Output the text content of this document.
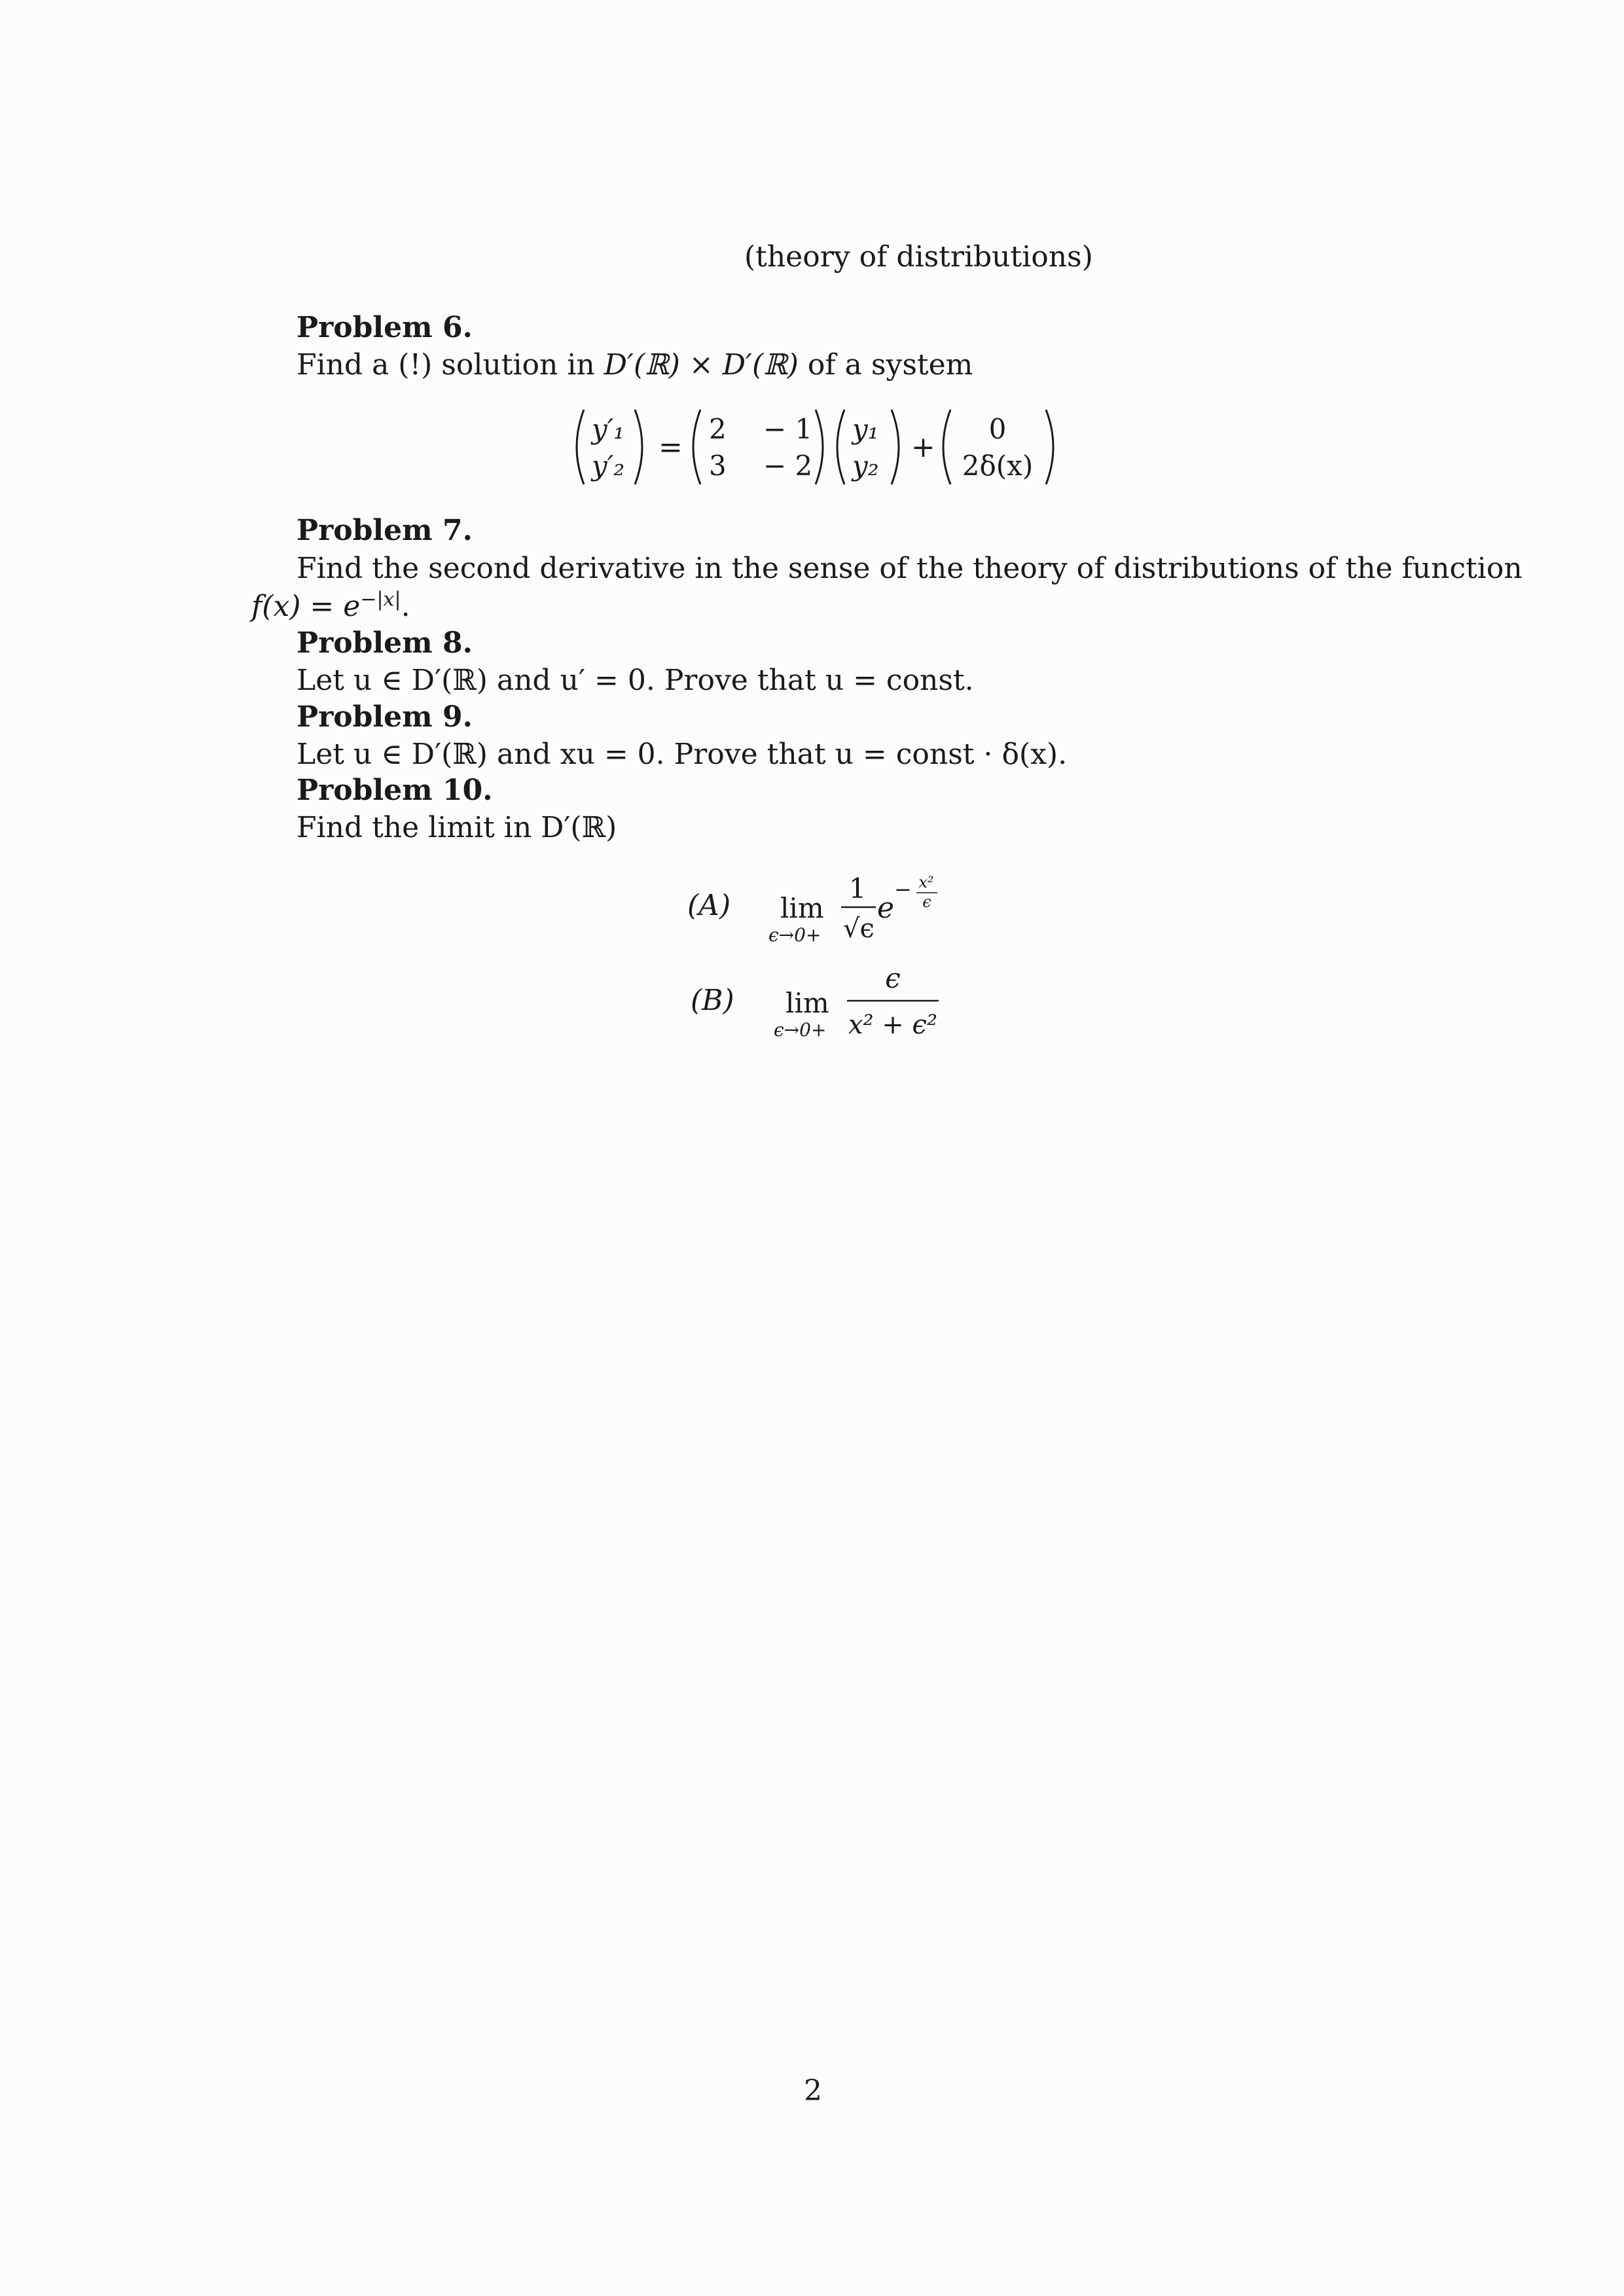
(theory of distributions)
Problem 6.
Find a (!) solution in D′(ℝ) × D′(ℝ) of a system
y′₁
y′₂
=
2 − 1
3 − 2
y₁
y₂
+
0
2δ(x)
Problem 7.
Find the second derivative in the sense of the theory of distributions of the function
$f(x) = e^{-|x|}$.
Problem 8.
Let u ∈ D′(ℝ) and u′ = 0. Prove that u = const.
Problem 9.
Let u ∈ D′(ℝ) and xu = 0. Prove that u = const · δ(x).
Problem 10.
Find the limit in D′(ℝ)
(A) lim
ϵ→0+
1
√ϵ
e
− x²
ϵ
(B) lim
ϵ→0+
ϵ
x² + ϵ²
2
